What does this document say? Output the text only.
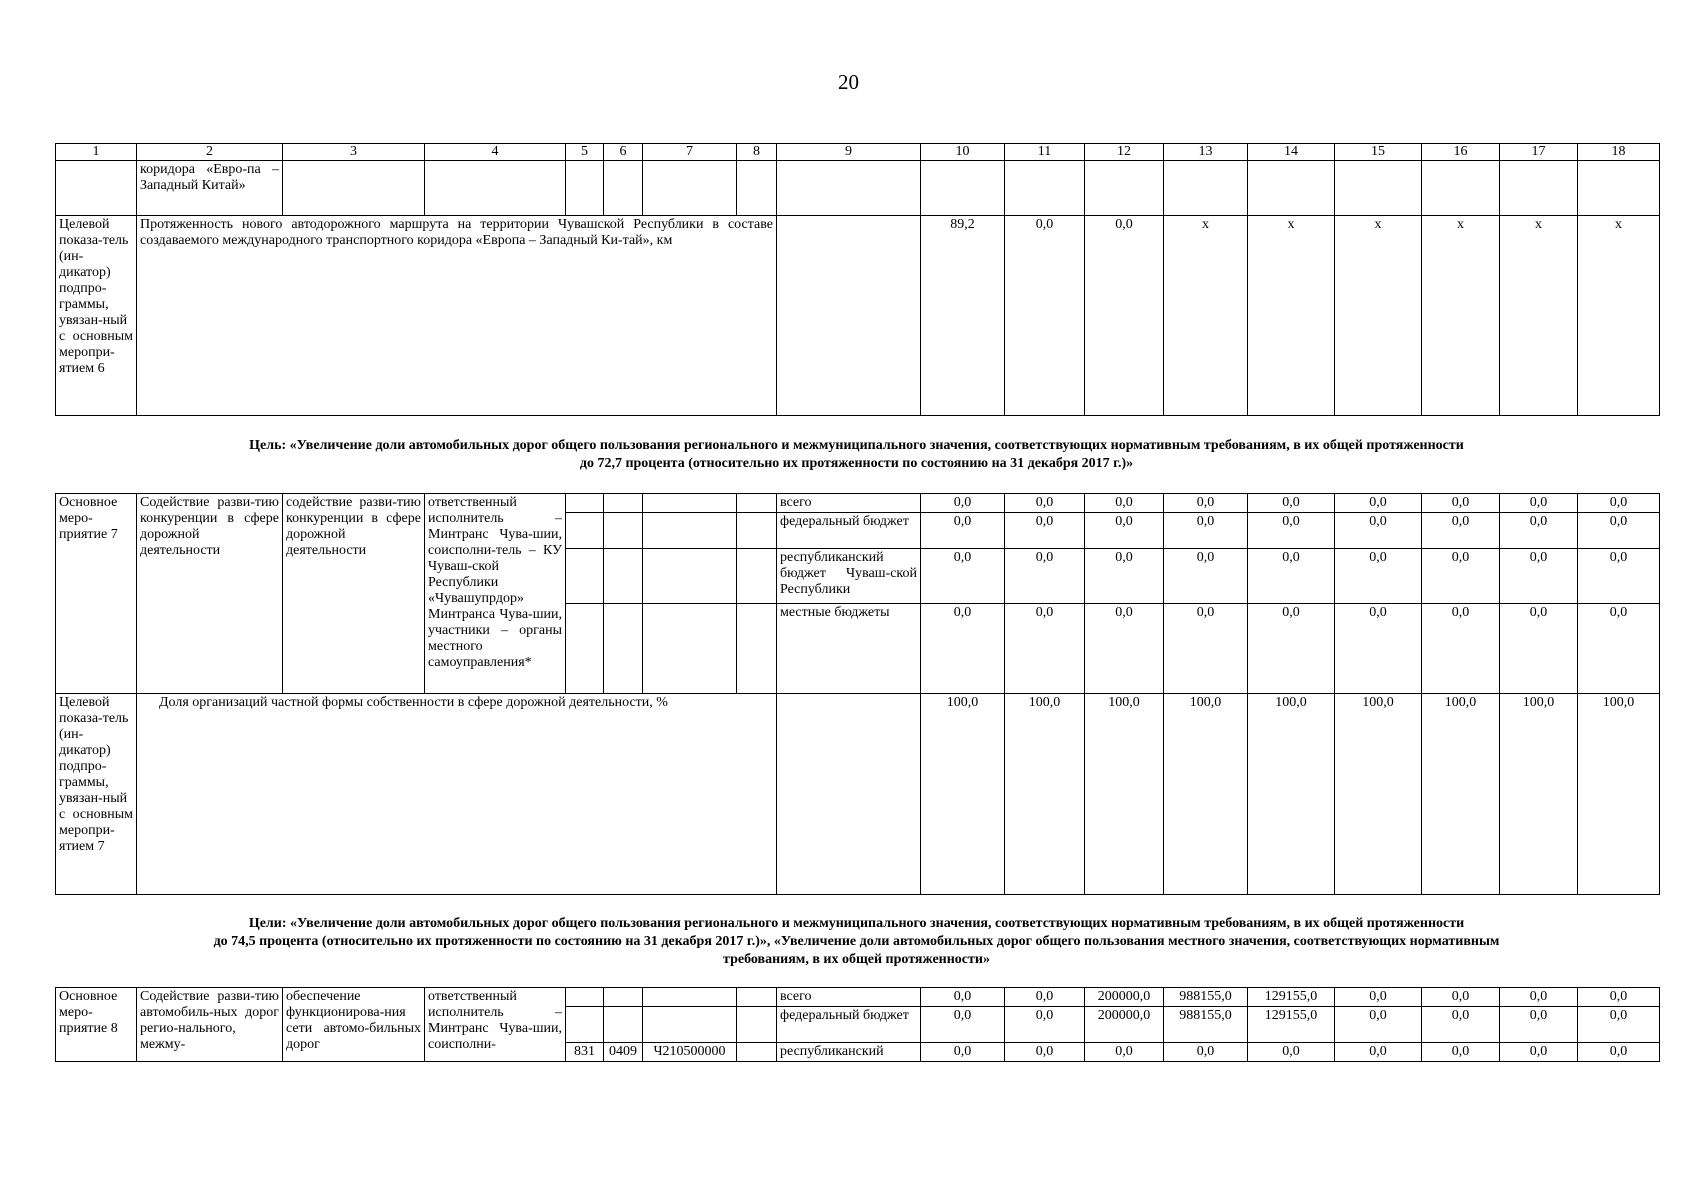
20
1	2	3	4	5	6	7	8	9	10	11	12	13	14	15	16	17	18
	коридора «Евро-па – Западный Китай»																
Целевой показа-тель (ин-дикатор) подпро-граммы, увязан-ный с основным меропри-ятием 6	Протяженность нового автодорожного маршрута на территории Чувашской Республики в составе создаваемого международного транспортного коридора «Европа – Западный Ки-тай», км								89,2	0,0	0,0	x	x	x	x	x	x
Цель: «Увеличение доли автомобильных дорог общего пользования регионального и межмуниципального значения, соответствующих нормативным требованиям, в их общей протяженности
до 72,7 процента (относительно их протяженности по состоянию на 31 декабря 2017 г.)»
Основное меро-приятие 7	Содействие разви-тию конкуренции в сфере дорожной деятельности	содействие разви-тию конкуренции в сфере дорожной деятельности	ответственный исполнитель – Минтранс Чува-шии, соисполни-тель – КУ Чуваш-ской Республики «Чувашупрдор» Минтранса Чува-шии, участники – органы местного самоуправления*					всего	0,0	0,0	0,0	0,0	0,0	0,0	0,0	0,0	0,0
								федеральный бюджет	0,0	0,0	0,0	0,0	0,0	0,0	0,0	0,0	0,0
								республиканский бюджет Чуваш-ской Республики	0,0	0,0	0,0	0,0	0,0	0,0	0,0	0,0	0,0
								местные бюджеты	0,0	0,0	0,0	0,0	0,0	0,0	0,0	0,0	0,0
Целевой показа-тель (ин-дикатор) подпро-граммы, увязан-ный с основным меропри-ятием 7	Доля организаций частной формы собственности в сфере дорожной деятельности, %								100,0	100,0	100,0	100,0	100,0	100,0	100,0	100,0	100,0
Цели: «Увеличение доли автомобильных дорог общего пользования регионального и межмуниципального значения, соответствующих нормативным требованиям, в их общей протяженности
до 74,5 процента (относительно их протяженности по состоянию на 31 декабря 2017 г.)», «Увеличение доли автомобильных дорог общего пользования местного значения, соответствующих нормативным
требованиям, в их общей протяженности»
Основное меро-приятие 8	Содействие разви-тию автомобиль-ных дорог регио-нального, межму-	обеспечение функционирова-ния сети автомо-бильных дорог	ответственный исполнитель – Минтранс Чува-шии, соисполни-					всего	0,0	0,0	200000,0	988155,0	129155,0	0,0	0,0	0,0	0,0
								федеральный бюджет	0,0	0,0	200000,0	988155,0	129155,0	0,0	0,0	0,0	0,0
				831	0409	Ч210500000		республиканский	0,0	0,0	0,0	0,0	0,0	0,0	0,0	0,0	0,0
